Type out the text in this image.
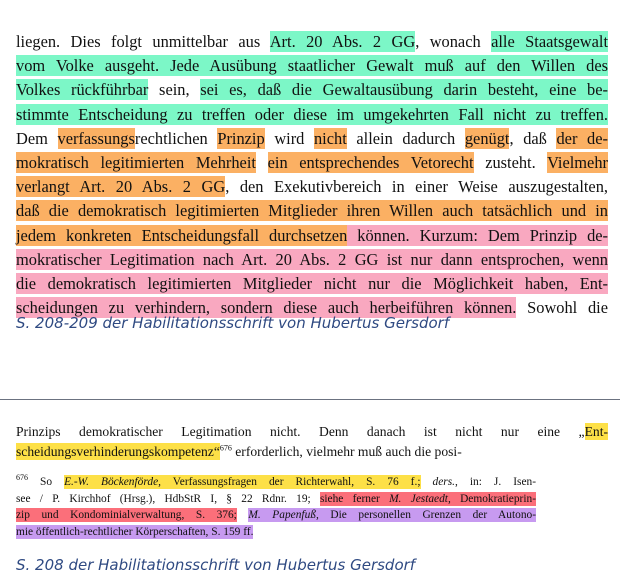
liegen. Dies folgt unmittelbar aus Art. 20 Abs. 2 GG, wonach alle Staatsgewalt
vom Volke ausgeht. Jede Ausübung staatlicher Gewalt muß auf den Willen des
Volkes rückführbar sein, sei es, daß die Gewaltausübung darin besteht, eine be-
stimmte Entscheidung zu treffen oder diese im umgekehrten Fall nicht zu treffen.
Dem verfassungsrechtlichen Prinzip wird nicht allein dadurch genügt, daß der de-
mokratisch legitimierten Mehrheit ein entsprechendes Vetorecht zusteht. Vielmehr
verlangt Art. 20 Abs. 2 GG, den Exekutivbereich in einer Weise auszugestalten,
daß die demokratisch legitimierten Mitglieder ihren Willen auch tatsächlich und in
jedem konkreten Entscheidungsfall durchsetzen können. Kurzum: Dem Prinzip de-
mokratischer Legitimation nach Art. 20 Abs. 2 GG ist nur dann entsprochen, wenn
die demokratisch legitimierten Mitglieder nicht nur die Möglichkeit haben, Ent-
scheidungen zu verhindern, sondern diese auch herbeiführen können. Sowohl die
S. 208-209 der Habilitationsschrift von Hubertus Gersdorf
Prinzips demokratischer Legitimation nicht. Denn danach ist nicht nur eine „Ent-
scheidungsverhinderungskompetenz“$^{676}$ erforderlich, vielmehr muß auch die posi-
$^{676}$ So E.-W. Böckenförde, Verfassungsfragen der Richterwahl, S. 76 f.; ders., in: J. Isen-
see / P. Kirchhof (Hrsg.), HdbStR I, § 22 Rdnr. 19; siehe ferner M. Jestaedt, Demokratieprin-
zip und Kondominialverwaltung, S. 376; M. Papenfuß, Die personellen Grenzen der Autono-
mie öffentlich-rechtlicher Körperschaften, S. 159 ff.
S. 208 der Habilitationsschrift von Hubertus Gersdorf
